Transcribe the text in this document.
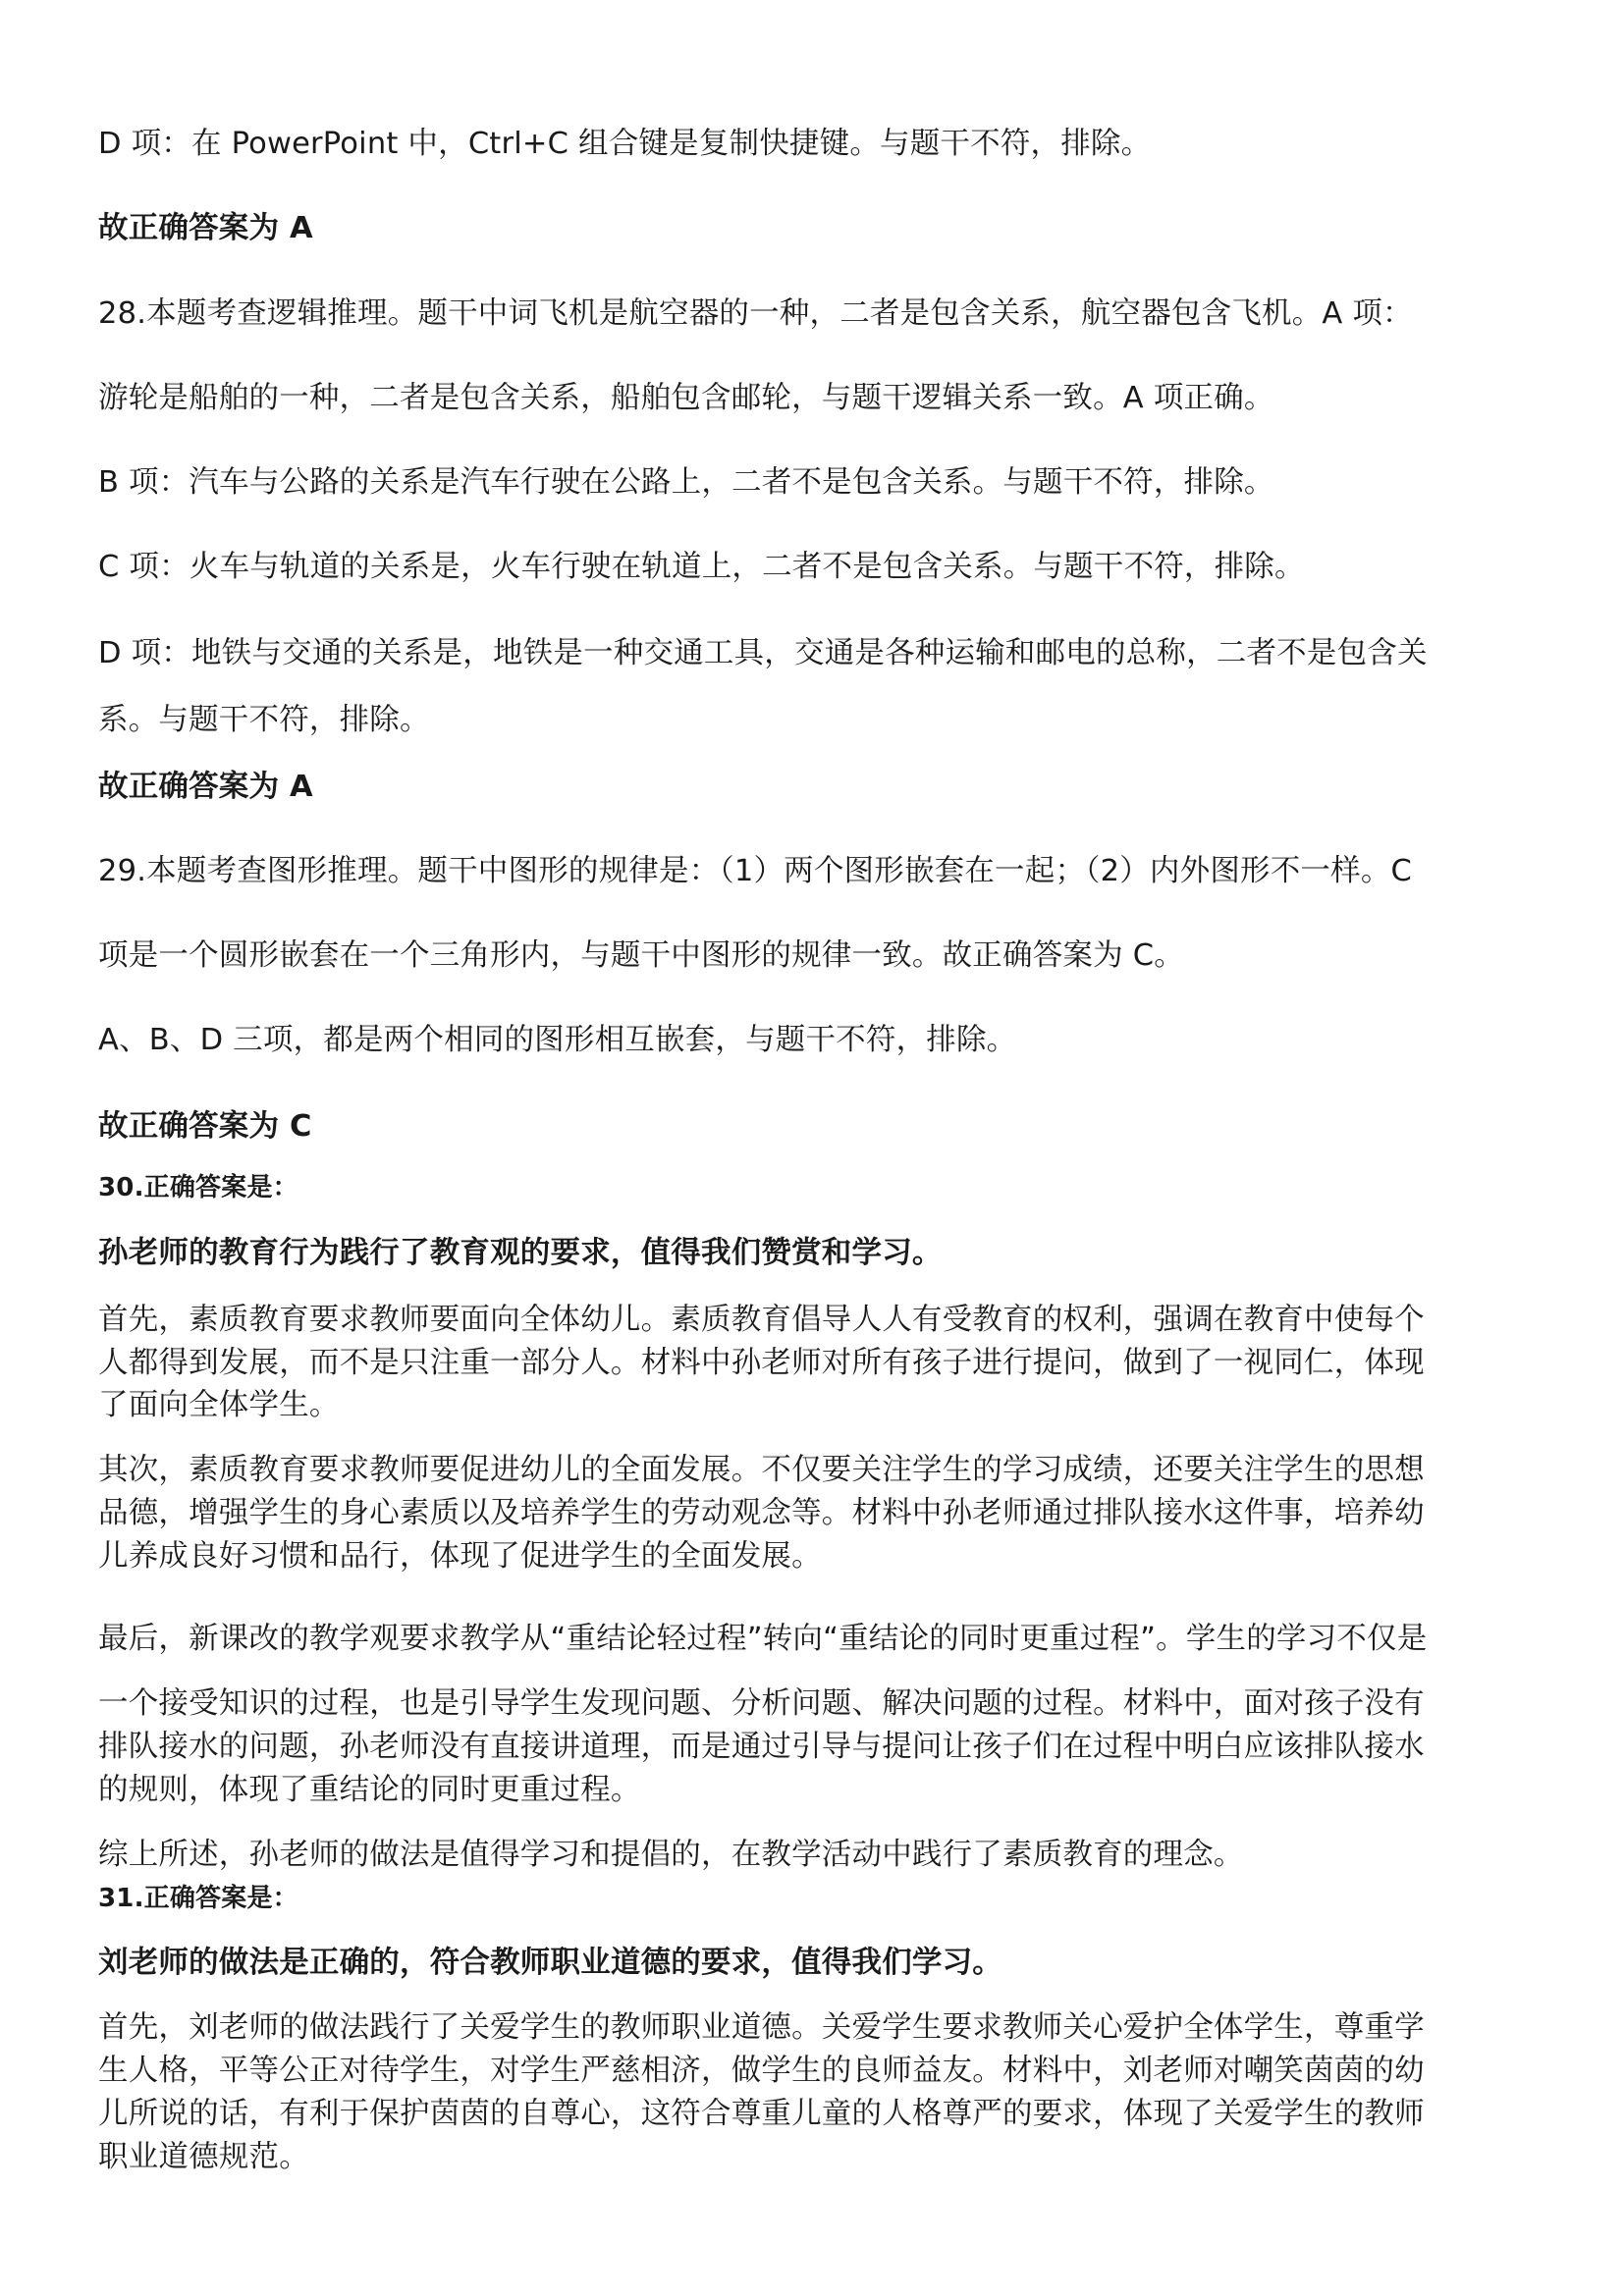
D 项：在 PowerPoint 中，Ctrl+C 组合键是复制快捷键。与题干不符，排除。

故正确答案为 A

28.本题考查逻辑推理。题干中词飞机是航空器的一种，二者是包含关系，航空器包含飞机。A 项：

游轮是船舶的一种，二者是包含关系，船舶包含邮轮，与题干逻辑关系一致。A 项正确。

B 项：汽车与公路的关系是汽车行驶在公路上，二者不是包含关系。与题干不符，排除。

C 项：火车与轨道的关系是，火车行驶在轨道上，二者不是包含关系。与题干不符，排除。

D 项：地铁与交通的关系是，地铁是一种交通工具，交通是各种运输和邮电的总称，二者不是包含关

系。与题干不符，排除。

故正确答案为 A

29.本题考查图形推理。题干中图形的规律是：（1）两个图形嵌套在一起；（2）内外图形不一样。C

项是一个圆形嵌套在一个三角形内，与题干中图形的规律一致。故正确答案为 C。

A、B、D 三项，都是两个相同的图形相互嵌套，与题干不符，排除。

故正确答案为 C

30.正确答案是：

孙老师的教育行为践行了教育观的要求，值得我们赞赏和学习。

首先，素质教育要求教师要面向全体幼儿。素质教育倡导人人有受教育的权利，强调在教育中使每个

人都得到发展，而不是只注重一部分人。材料中孙老师对所有孩子进行提问，做到了一视同仁，体现

了面向全体学生。

其次，素质教育要求教师要促进幼儿的全面发展。不仅要关注学生的学习成绩，还要关注学生的思想

品德，增强学生的身心素质以及培养学生的劳动观念等。材料中孙老师通过排队接水这件事，培养幼

儿养成良好习惯和品行，体现了促进学生的全面发展。

最后，新课改的教学观要求教学从“重结论轻过程”转向“重结论的同时更重过程”。学生的学习不仅是

一个接受知识的过程，也是引导学生发现问题、分析问题、解决问题的过程。材料中，面对孩子没有

排队接水的问题，孙老师没有直接讲道理，而是通过引导与提问让孩子们在过程中明白应该排队接水

的规则，体现了重结论的同时更重过程。

综上所述，孙老师的做法是值得学习和提倡的，在教学活动中践行了素质教育的理念。

31.正确答案是：

刘老师的做法是正确的，符合教师职业道德的要求，值得我们学习。

首先，刘老师的做法践行了关爱学生的教师职业道德。关爱学生要求教师关心爱护全体学生，尊重学

生人格，平等公正对待学生，对学生严慈相济，做学生的良师益友。材料中，刘老师对嘲笑茵茵的幼

儿所说的话，有利于保护茵茵的自尊心，这符合尊重儿童的人格尊严的要求，体现了关爱学生的教师

职业道德规范。
